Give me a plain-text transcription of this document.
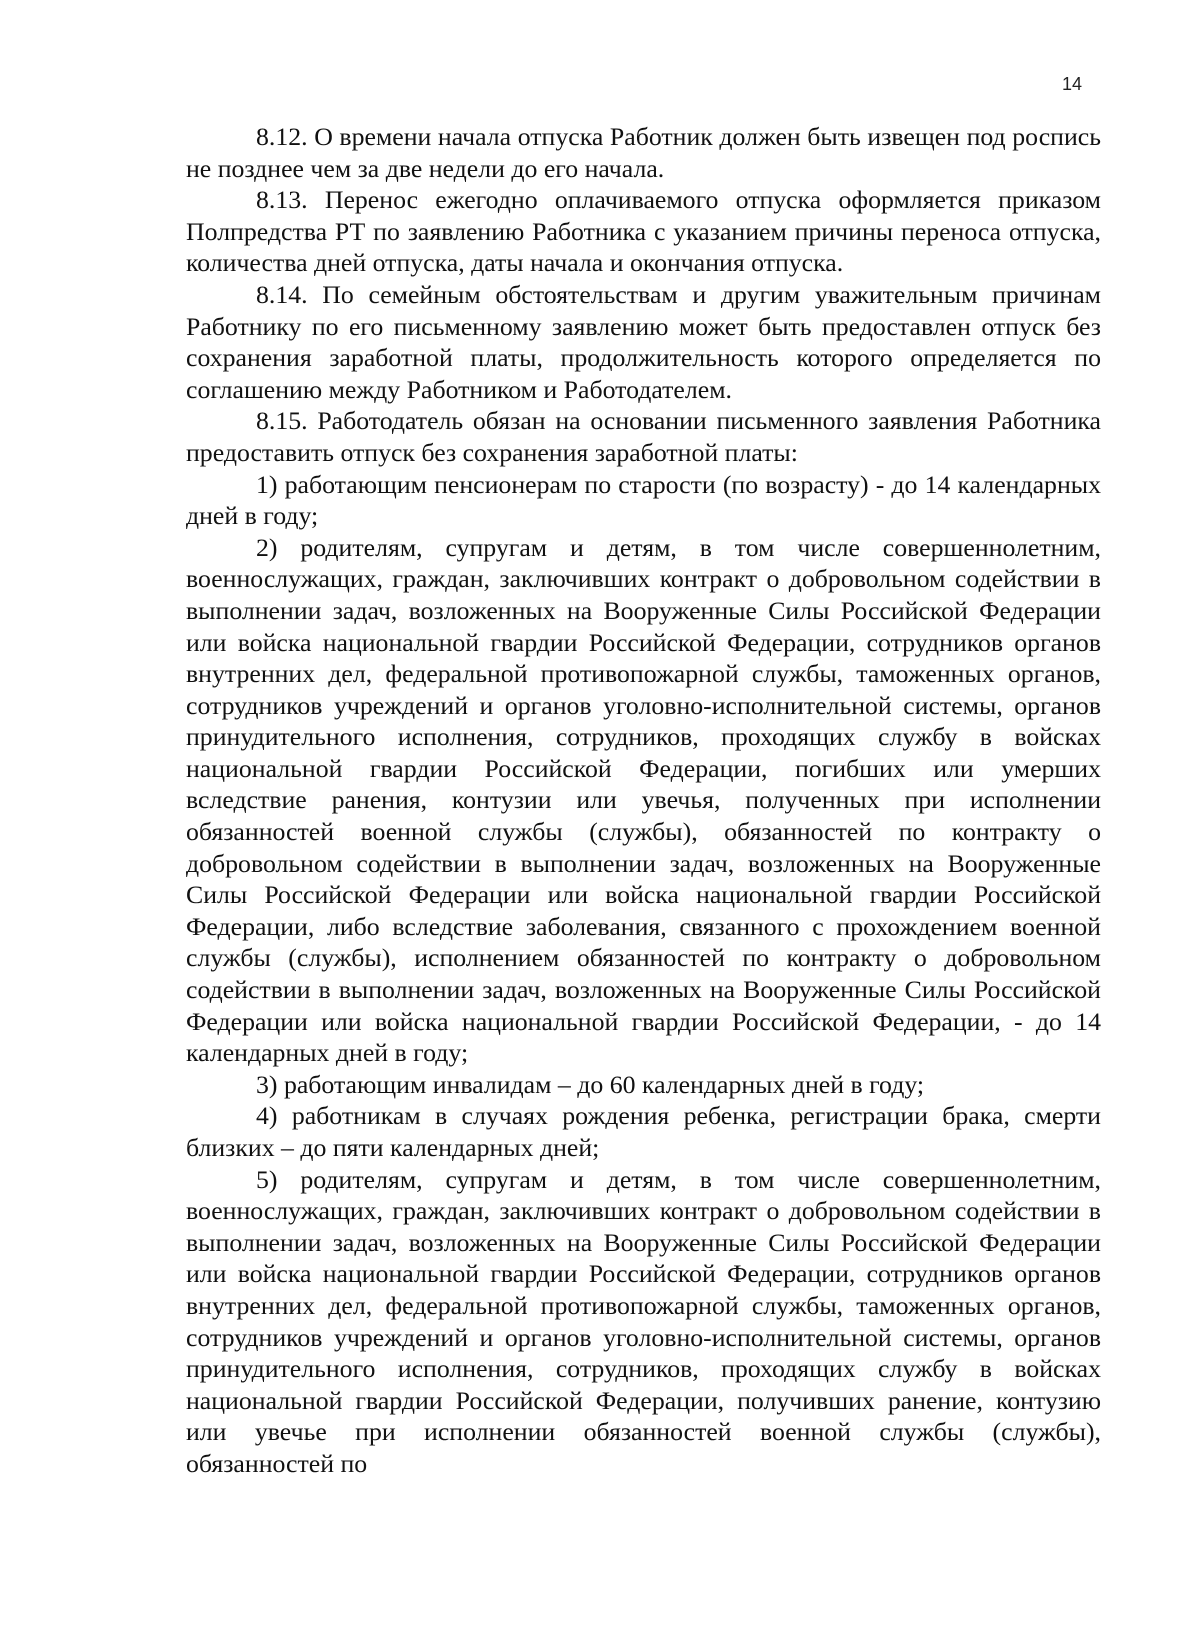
14

8.12. О времени начала отпуска Работник должен быть извещен под роспись не позднее чем за две недели до его начала.

8.13. Перенос ежегодно оплачиваемого отпуска оформляется приказом Полпредства РТ по заявлению Работника с указанием причины переноса отпуска, количества дней отпуска, даты начала и окончания отпуска.

8.14. По семейным обстоятельствам и другим уважительным причинам Работнику по его письменному заявлению может быть предоставлен отпуск без сохранения заработной платы, продолжительность которого определяется по соглашению между Работником и Работодателем.

8.15. Работодатель обязан на основании письменного заявления Работника предоставить отпуск без сохранения заработной платы:

1) работающим пенсионерам по старости (по возрасту) - до 14 календарных дней в году;

2) родителям, супругам и детям, в том числе совершеннолетним, военнослужащих, граждан, заключивших контракт о добровольном содействии в выполнении задач, возложенных на Вооруженные Силы Российской Федерации или войска национальной гвардии Российской Федерации, сотрудников органов внутренних дел, федеральной противопожарной службы, таможенных органов, сотрудников учреждений и органов уголовно-исполнительной системы, органов принудительного исполнения, сотрудников, проходящих службу в войсках национальной гвардии Российской Федерации, погибших или умерших вследствие ранения, контузии или увечья, полученных при исполнении обязанностей военной службы (службы), обязанностей по контракту о добровольном содействии в выполнении задач, возложенных на Вооруженные Силы Российской Федерации или войска национальной гвардии Российской Федерации, либо вследствие заболевания, связанного с прохождением военной службы (службы), исполнением обязанностей по контракту о добровольном содействии в выполнении задач, возложенных на Вооруженные Силы Российской Федерации или войска национальной гвардии Российской Федерации, - до 14 календарных дней в году;

3) работающим инвалидам – до 60 календарных дней в году;

4) работникам в случаях рождения ребенка, регистрации брака, смерти близких – до пяти календарных дней;

5) родителям, супругам и детям, в том числе совершеннолетним, военнослужащих, граждан, заключивших контракт о добровольном содействии в выполнении задач, возложенных на Вооруженные Силы Российской Федерации или войска национальной гвардии Российской Федерации, сотрудников органов внутренних дел, федеральной противопожарной службы, таможенных органов, сотрудников учреждений и органов уголовно-исполнительной системы, органов принудительного исполнения, сотрудников, проходящих службу в войсках национальной гвардии Российской Федерации, получивших ранение, контузию или увечье при исполнении обязанностей военной службы (службы), обязанностей по
